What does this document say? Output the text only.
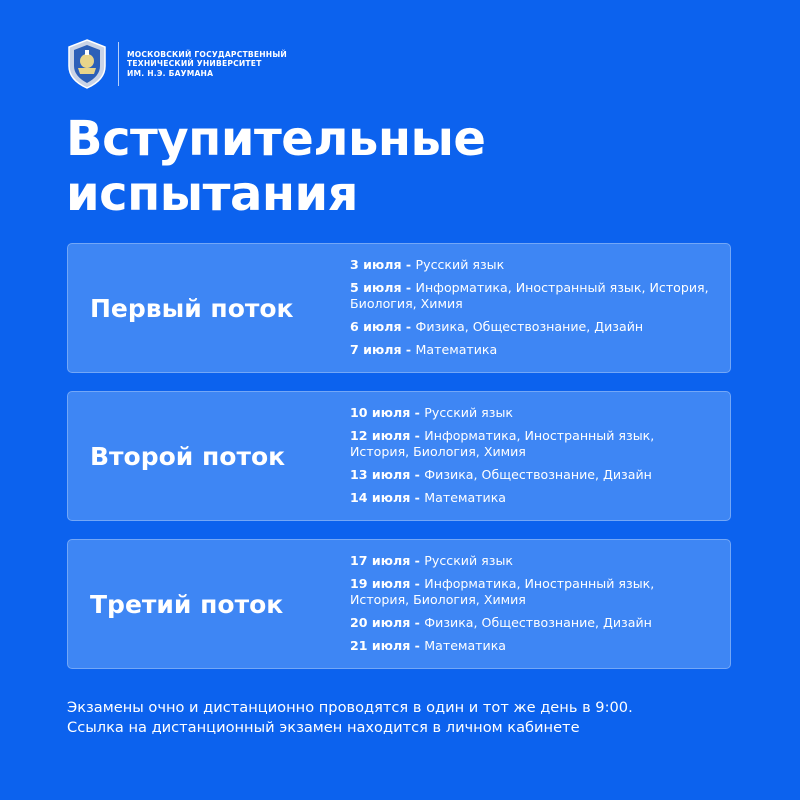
МОСКОВСКИЙ ГОСУДАРСТВЕННЫЙ
ТЕХНИЧЕСКИЙ УНИВЕРСИТЕТ
ИМ. Н.Э. БАУМАНА
Вступительные
испытания
Первый поток
3 июля - Русский язык
5 июля - Информатика, Иностранный язык, История, Биология, Химия
6 июля - Физика, Обществознание, Дизайн
7 июля - Математика
Второй поток
10 июля - Русский язык
12 июля - Информатика, Иностранный язык, История, Биология, Химия
13 июля - Физика, Обществознание, Дизайн
14 июля - Математика
Третий поток
17 июля - Русский язык
19 июля - Информатика, Иностранный язык, История, Биология, Химия
20 июля - Физика, Обществознание, Дизайн
21 июля - Математика
Экзамены очно и дистанционно проводятся в один и тот же день в 9:00.
Ссылка на дистанционный экзамен находится в личном кабинете
